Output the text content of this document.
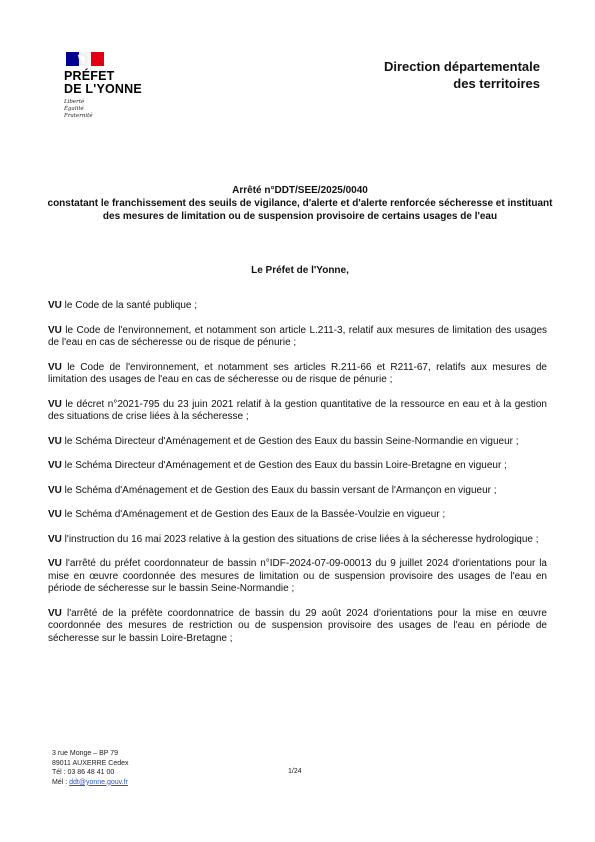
PRÉFET
DE L'YONNE
Liberté
Égalité
Fraternité
Direction départementale
des territoires
Arrêté n°DDT/SEE/2025/0040
constatant le franchissement des seuils de vigilance, d'alerte et d'alerte renforcée sécheresse et instituant des mesures de limitation ou de suspension provisoire de certains usages de l'eau
Le Préfet de l'Yonne,

VU le Code de la santé publique ;

VU le Code de l'environnement, et notamment son article L.211-3, relatif aux mesures de limitation des usages de l'eau en cas de sécheresse ou de risque de pénurie ;

VU le Code de l'environnement, et notamment ses articles R.211-66 et R211-67, relatifs aux mesures de limitation des usages de l'eau en cas de sécheresse ou de risque de pénurie ;

VU le décret n°2021-795 du 23 juin 2021 relatif à la gestion quantitative de la ressource en eau et à la gestion des situations de crise liées à la sécheresse ;

VU le Schéma Directeur d'Aménagement et de Gestion des Eaux du bassin Seine-Normandie en vigueur ;

VU le Schéma Directeur d'Aménagement et de Gestion des Eaux du bassin Loire-Bretagne en vigueur ;

VU le Schéma d'Aménagement et de Gestion des Eaux du bassin versant de l'Armançon en vigueur ;

VU le Schéma d'Aménagement et de Gestion des Eaux de la Bassée-Voulzie en vigueur ;

VU l'instruction du 16 mai 2023 relative à la gestion des situations de crise liées à la sécheresse hydrologique ;

VU l'arrêté du préfet coordonnateur de bassin n°IDF-2024-07-09-00013 du 9 juillet 2024 d'orientations pour la mise en œuvre coordonnée des mesures de limitation ou de suspension provisoire des usages de l'eau en période de sécheresse sur le bassin Seine-Normandie ;

VU l'arrêté de la préfète coordonnatrice de bassin du 29 août 2024 d'orientations pour la mise en œuvre coordonnée des mesures de restriction ou de suspension provisoire des usages de l'eau en période de sécheresse sur le bassin Loire-Bretagne ;

3 rue Monge – BP 79
89011 AUXERRE Cedex
Tél : 03 86 48 41 00
Mél : ddt@yonne.gouv.fr
1/24
